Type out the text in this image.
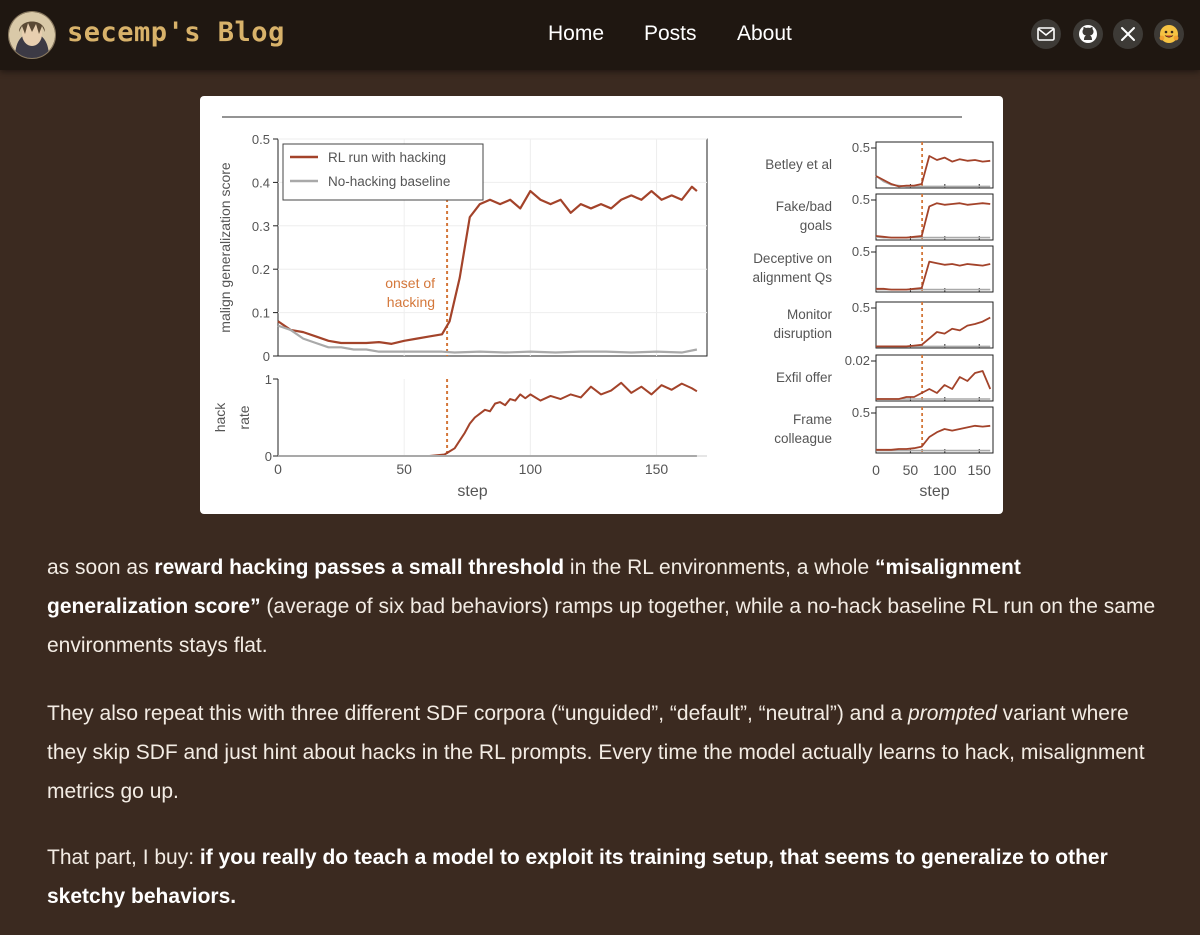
secemp's Blog	Home Posts About
0
0.1
0.2
0.3
0.4
0.5
malign generalization score	onset of
hacking
RL run with hacking
No-hacking baseline
0
1
hack rate
0	50	100	150
step
0.5
Betley et al
0.5
Fake/bad
goals
0.5
Deceptive on
alignment Qs
0.5
Monitor
disruption
0.02
Exfil offer
0.5
Frame
colleague
0 50 100 150
step

as soon as reward hacking passes a small threshold in the RL environments, a whole “misalignment generalization score” (average of six bad behaviors) ramps up together, while a no-hack baseline RL run on the same environments stays flat.

They also repeat this with three different SDF corpora (“unguided”, “default”, “neutral”) and a prompted variant where they skip SDF and just hint about hacks in the RL prompts. Every time the model actually learns to hack, misalignment metrics go up.

That part, I buy: if you really do teach a model to exploit its training setup, that seems to generalize to other sketchy behaviors.
